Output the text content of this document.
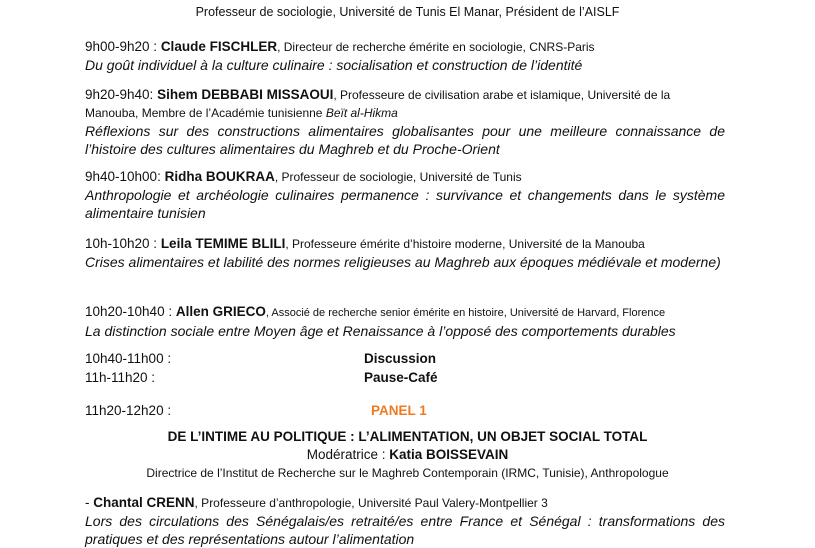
Professeur de sociologie, Université de Tunis El Manar, Président de l’AISLF
9h00-9h20 : Claude FISCHLER, Directeur de recherche émérite en sociologie, CNRS-Paris
Du goût individuel à la culture culinaire : socialisation et construction de l’identité
9h20-9h40: Sihem DEBBABI MISSAOUI, Professeure de civilisation arabe et islamique, Université de la Manouba, Membre de l’Académie tunisienne Beït al-Hikma
Réflexions sur des constructions alimentaires globalisantes pour une meilleure connaissance de l’histoire des cultures alimentaires du Maghreb et du Proche-Orient
9h40-10h00: Ridha BOUKRAA, Professeur de sociologie, Université de Tunis
Anthropologie et archéologie culinaires permanence : survivance et changements dans le système alimentaire tunisien
10h-10h20 : Leila TEMIME BLILI, Professeure émérite d’histoire moderne, Université de la Manouba
Crises alimentaires et labilité des normes religieuses au Maghreb aux époques médiévale et moderne)
10h20-10h40 : Allen GRIECO, Associé de recherche senior émérite en histoire, Université de Harvard, Florence
La distinction sociale entre Moyen âge et Renaissance à l’opposé des comportements durables
10h40-11h00 :	Discussion
11h-11h20 :	Pause-Café
11h20-12h20 :	PANEL 1
DE L’INTIME AU POLITIQUE : L’ALIMENTATION, UN OBJET SOCIAL TOTAL
Modératrice : Katia BOISSEVAIN
Directrice de l’Institut de Recherche sur le Maghreb Contemporain (IRMC, Tunisie), Anthropologue
- Chantal CRENN, Professeure d’anthropologie, Université Paul Valery-Montpellier 3
Lors des circulations des Sénégalais/es retraité/es entre France et Sénégal : transformations des pratiques et des représentations autour l’alimentation
